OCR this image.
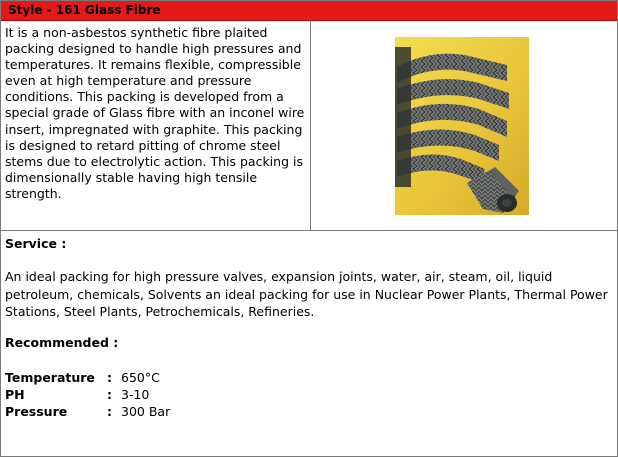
Style - 161 Glass Fibre

It is a non-asbestos synthetic fibre plaited packing designed to handle high pressures and temperatures. It remains flexible, compressible even at high temperature and pressure conditions. This packing is developed from a special grade of Glass fibre with an inconel wire insert, impregnated with graphite. This packing is designed to retard pitting of chrome steel stems due to electrolytic action. This packing is dimensionally stable having high tensile strength.

Service :

An ideal packing for high pressure valves, expansion joints, water, air, steam, oil, liquid petroleum, chemicals, Solvents an ideal packing for use in Nuclear Power Plants, Thermal Power Stations, Steel Plants, Petrochemicals, Refineries.

Recommended :

Temperature : 650°C
PH	: 3-10
Pressure	: 300 Bar
